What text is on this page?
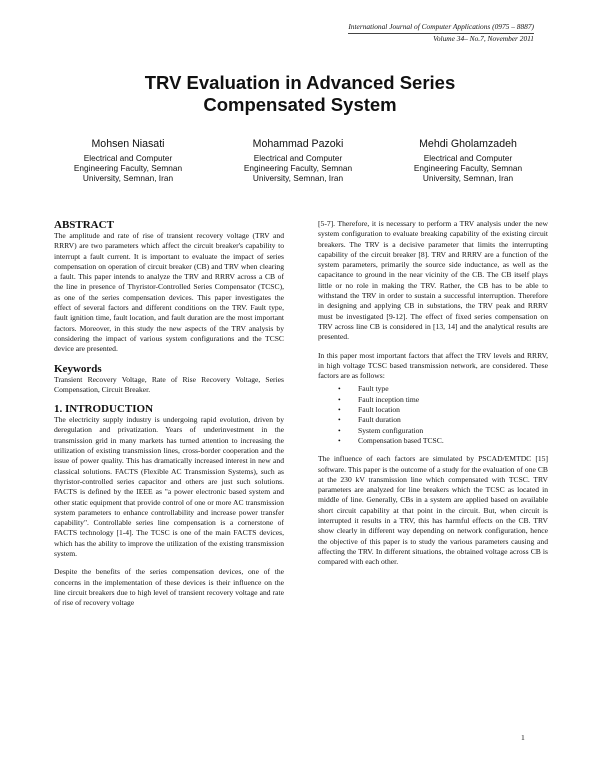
International Journal of Computer Applications (0975 – 8887)
Volume 34– No.7, November 2011
TRV Evaluation in Advanced Series
Compensated System
Mohsen Niasati
Electrical and Computer
Engineering Faculty, Semnan
University, Semnan, Iran
Mohammad Pazoki
Electrical and Computer
Engineering Faculty, Semnan
University, Semnan, Iran
Mehdi Gholamzadeh
Electrical and Computer
Engineering Faculty, Semnan
University, Semnan, Iran
ABSTRACT

The amplitude and rate of rise of transient recovery voltage (TRV and RRRV) are two parameters which affect the circuit breaker's capability to interrupt a fault current. It is important to evaluate the impact of series compensation on operation of circuit breaker (CB) and TRV when clearing a fault. This paper intends to analyze the TRV and RRRV across a CB of the line in presence of Thyristor-Controlled Series Compensator (TCSC), as one of the series compensation devices. This paper investigates the effect of several factors and different conditions on the TRV. Fault type, fault ignition time, fault location, and fault duration are the most important factors. Moreover, in this study the new aspects of the TRV analysis by considering the impact of various system configurations and the TCSC device are presented.

Keywords

Transient Recovery Voltage, Rate of Rise Recovery Voltage, Series Compensation, Circuit Breaker.

1. INTRODUCTION

The electricity supply industry is undergoing rapid evolution, driven by deregulation and privatization. Years of underinvestment in the transmission grid in many markets has turned attention to increasing the utilization of existing transmission lines, cross-border cooperation and the issue of power quality. This has dramatically increased interest in new and classical solutions. FACTS (Flexible AC Transmission Systems), such as thyristor-controlled series capacitor and others are just such solutions. FACTS is defined by the IEEE as "a power electronic based system and other static equipment that provide control of one or more AC transmission system parameters to enhance controllability and increase power transfer capability". Controllable series line compensation is a cornerstone of FACTS technology [1-4]. The TCSC is one of the main FACTS devices, which has the ability to improve the utilization of the existing transmission system.

Despite the benefits of the series compensation devices, one of the concerns in the implementation of these devices is their influence on the line circuit breakers due to high level of transient recovery voltage and rate of rise of recovery voltage

[5-7]. Therefore, it is necessary to perform a TRV analysis under the new system configuration to evaluate breaking capability of the existing circuit breakers. The TRV is a decisive parameter that limits the interrupting capability of the circuit breaker [8]. TRV and RRRV are a function of the system parameters, primarily the source side inductance, as well as the capacitance to ground in the near vicinity of the CB. The CB itself plays little or no role in making the TRV. Rather, the CB has to be able to withstand the TRV in order to sustain a successful interruption. Therefore in designing and applying CB in substations, the TRV peak and RRRV must be investigated [9-12]. The effect of fixed series compensation on TRV across line CB is considered in [13, 14] and the analytical results are presented.

In this paper most important factors that affect the TRV levels and RRRV, in high voltage TCSC based transmission network, are considered. These factors are as follows:

• Fault type
• Fault inception time
• Fault location
• Fault duration
• System configuration
• Compensation based TCSC.

The influence of each factors are simulated by PSCAD/EMTDC [15] software. This paper is the outcome of a study for the evaluation of one CB at the 230 kV transmission line which compensated with TCSC. TRV parameters are analyzed for line breakers which the TCSC as located in middle of line. Generally, CBs in a system are applied based on available short circuit capability at that point in the circuit. But, when circuit is interrupted it results in a TRV, this has harmful effects on the CB. TRV show clearly in different way depending on network configuration, hence the objective of this paper is to study the various parameters causing and affecting the TRV. In different situations, the obtained voltage across CB is compared with each other.

1
